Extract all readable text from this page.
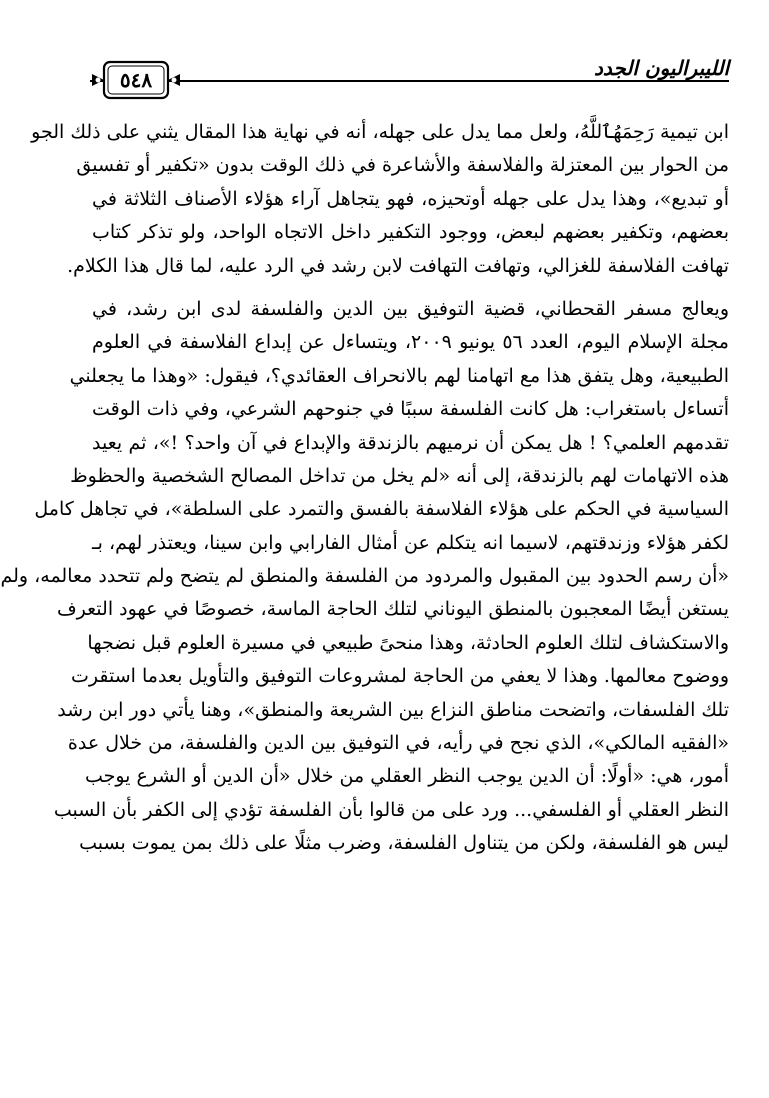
الليبراليون الجدد
٥٤٨

ابن تيمية رَحِمَهُٱللَّهُ، ولعل مما يدل على جهله، أنه في نهاية هذا المقال يثني على ذلك الجو
من الحوار بين المعتزلة والفلاسفة والأشاعرة في ذلك الوقت بدون «تكفير أو تفسيق
أو تبديع»، وهذا يدل على جهله أوتحيزه، فهو يتجاهل آراء هؤلاء الأصناف الثلاثة في
بعضهم، وتكفير بعضهم لبعض، ووجود التكفير داخل الاتجاه الواحد، ولو تذكر كتاب
تهافت الفلاسفة للغزالي، وتهافت التهافت لابن رشد في الرد عليه، لما قال هذا الكلام.

ويعالج مسفر القحطاني، قضية التوفيق بين الدين والفلسفة لدى ابن رشد، في
مجلة الإسلام اليوم، العدد ٥٦ يونيو ٢٠٠٩، ويتساءل عن إبداع الفلاسفة في العلوم
الطبيعية، وهل يتفق هذا مع اتهامنا لهم بالانحراف العقائدي؟، فيقول: «وهذا ما يجعلني
أتساءل باستغراب: هل كانت الفلسفة سببًا في جنوحهم الشرعي، وفي ذات الوقت
تقدمهم العلمي؟ ! هل يمكن أن نرميهم بالزندقة والإبداع في آن واحد؟ !»، ثم يعيد
هذه الاتهامات لهم بالزندقة، إلى أنه «لم يخل من تداخل المصالح الشخصية والحظوظ
السياسية في الحكم على هؤلاء الفلاسفة بالفسق والتمرد على السلطة»، في تجاهل كامل
لكفر هؤلاء وزندقتهم، لاسيما انه يتكلم عن أمثال الفارابي وابن سينا، ويعتذر لهم، بـ
«أن رسم الحدود بين المقبول والمردود من الفلسفة والمنطق لم يتضح ولم تتحدد معالمه، ولم
يستغن أيضًا المعجبون بالمنطق اليوناني لتلك الحاجة الماسة، خصوصًا في عهود التعرف
والاستكشاف لتلك العلوم الحادثة، وهذا منحىً طبيعي في مسيرة العلوم قبل نضجها
ووضوح معالمها. وهذا لا يعفي من الحاجة لمشروعات التوفيق والتأويل بعدما استقرت
تلك الفلسفات، واتضحت مناطق النزاع بين الشريعة والمنطق»، وهنا يأتي دور ابن رشد
«الفقيه المالكي»، الذي نجح في رأيه، في التوفيق بين الدين والفلسفة، من خلال عدة
أمور، هي: «أولًا: أن الدين يوجب النظر العقلي من خلال «أن الدين أو الشرع يوجب
النظر العقلي أو الفلسفي... ورد على من قالوا بأن الفلسفة تؤدي إلى الكفر بأن السبب
ليس هو الفلسفة، ولكن من يتناول الفلسفة، وضرب مثلًا على ذلك بمن يموت بسبب
